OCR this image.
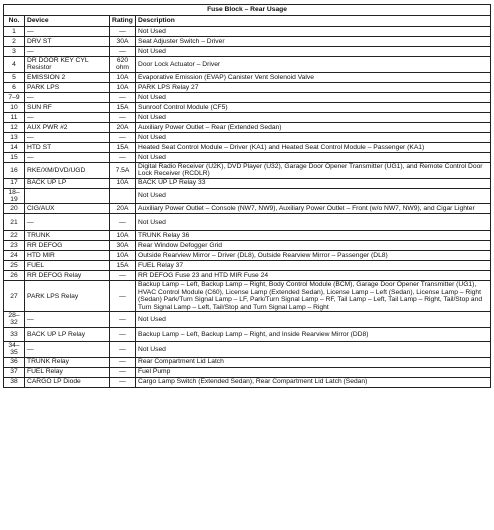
Fuse Block – Rear Usage			
No.	Device	Rating	Description
1	—	—	Not Used
2	DRV ST	30A	Seat Adjuster Switch – Driver
3	—	—	Not Used
4	DR DOOR KEY CYL Resistor	620 ohm	Door Lock Actuator – Driver
5	EMISSION 2	10A	Evaporative Emission (EVAP) Canister Vent Solenoid Valve
6	PARK LPS	10A	PARK LPS Relay 27
7–9	—	—	Not Used
10	SUN RF	15A	Sunroof Control Module (CF5)
11	—	—	Not Used
12	AUX PWR #2	20A	Auxiliary Power Outlet – Rear (Extended Sedan)
13	—	—	Not Used
14	HTD ST	15A	Heated Seat Control Module – Driver (KA1) and Heated Seat Control Module – Passenger (KA1)
15	—	—	Not Used
16	RKE/XM/DVD/UGD	7.5A	Digital Radio Receiver (U2K), DVD Player (U32), Garage Door Opener Transmitter (UG1), and Remote Control Door Lock Receiver (RCDLR)
17	BACK UP LP	10A	BACK UP LP Relay 33
18–19			Not Used
20	CIG/AUX	20A	Auxiliary Power Outlet – Console (NW7, NW9), Auxiliary Power Outlet – Front (w/o NW7, NW9), and Cigar Lighter
21	—	—	Not Used
22	TRUNK	10A	TRUNK Relay 36
23	RR DEFOG	30A	Rear Window Defogger Grid
24	HTD MIR	10A	Outside Rearview Mirror – Driver (DL8), Outside Rearview Mirror – Passenger (DL8)
25	FUEL	15A	FUEL Relay 37
26	RR DEFOG Relay	—	RR DEFOG Fuse 23 and HTD MIR Fuse 24
27	PARK LPS Relay	—	Backup Lamp – Left, Backup Lamp – Right, Body Control Module (BCM), Garage Door Opener Transmitter (UG1), HVAC Control Module (C60), License Lamp (Extended Sedan), License Lamp – Left (Sedan), License Lamp – Right (Sedan) Park/Turn Signal Lamp – LF, Park/Turn Signal Lamp – RF, Tail Lamp – Left, Tail Lamp – Right, Tail/Stop and Turn Signal Lamp – Left, Tail/Stop and Turn Signal Lamp – Right
28–32	—	—	Not Used
33	BACK UP LP Relay	—	Backup Lamp – Left, Backup Lamp – Right, and Inside Rearview Mirror (DD8)
34–35	—	—	Not Used
36	TRUNK Relay	—	Rear Compartment Lid Latch
37	FUEL Relay	—	Fuel Pump
38	CARGO LP Diode	—	Cargo Lamp Switch (Extended Sedan), Rear Compartment Lid Latch (Sedan)
